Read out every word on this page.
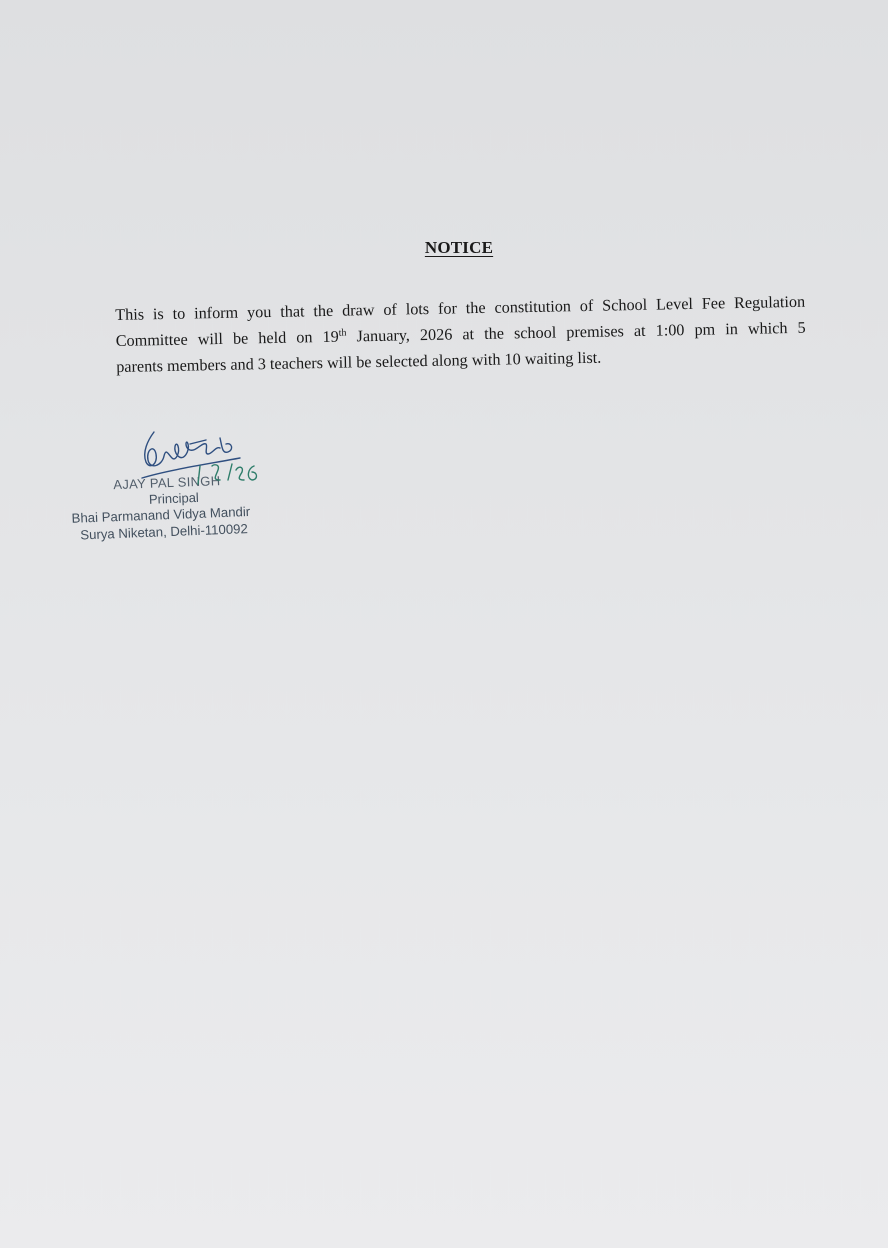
NOTICE
This is to inform you that the draw of lots for the constitution of School Level Fee Regulation
Committee will be held on 19th January, 2026 at the school premises at 1:00 pm in which 5
parents members and 3 teachers will be selected along with 10 waiting list.
AJAY PAL SINGH
Principal
Bhai Parmanand Vidya Mandir
Surya Niketan, Delhi-110092
